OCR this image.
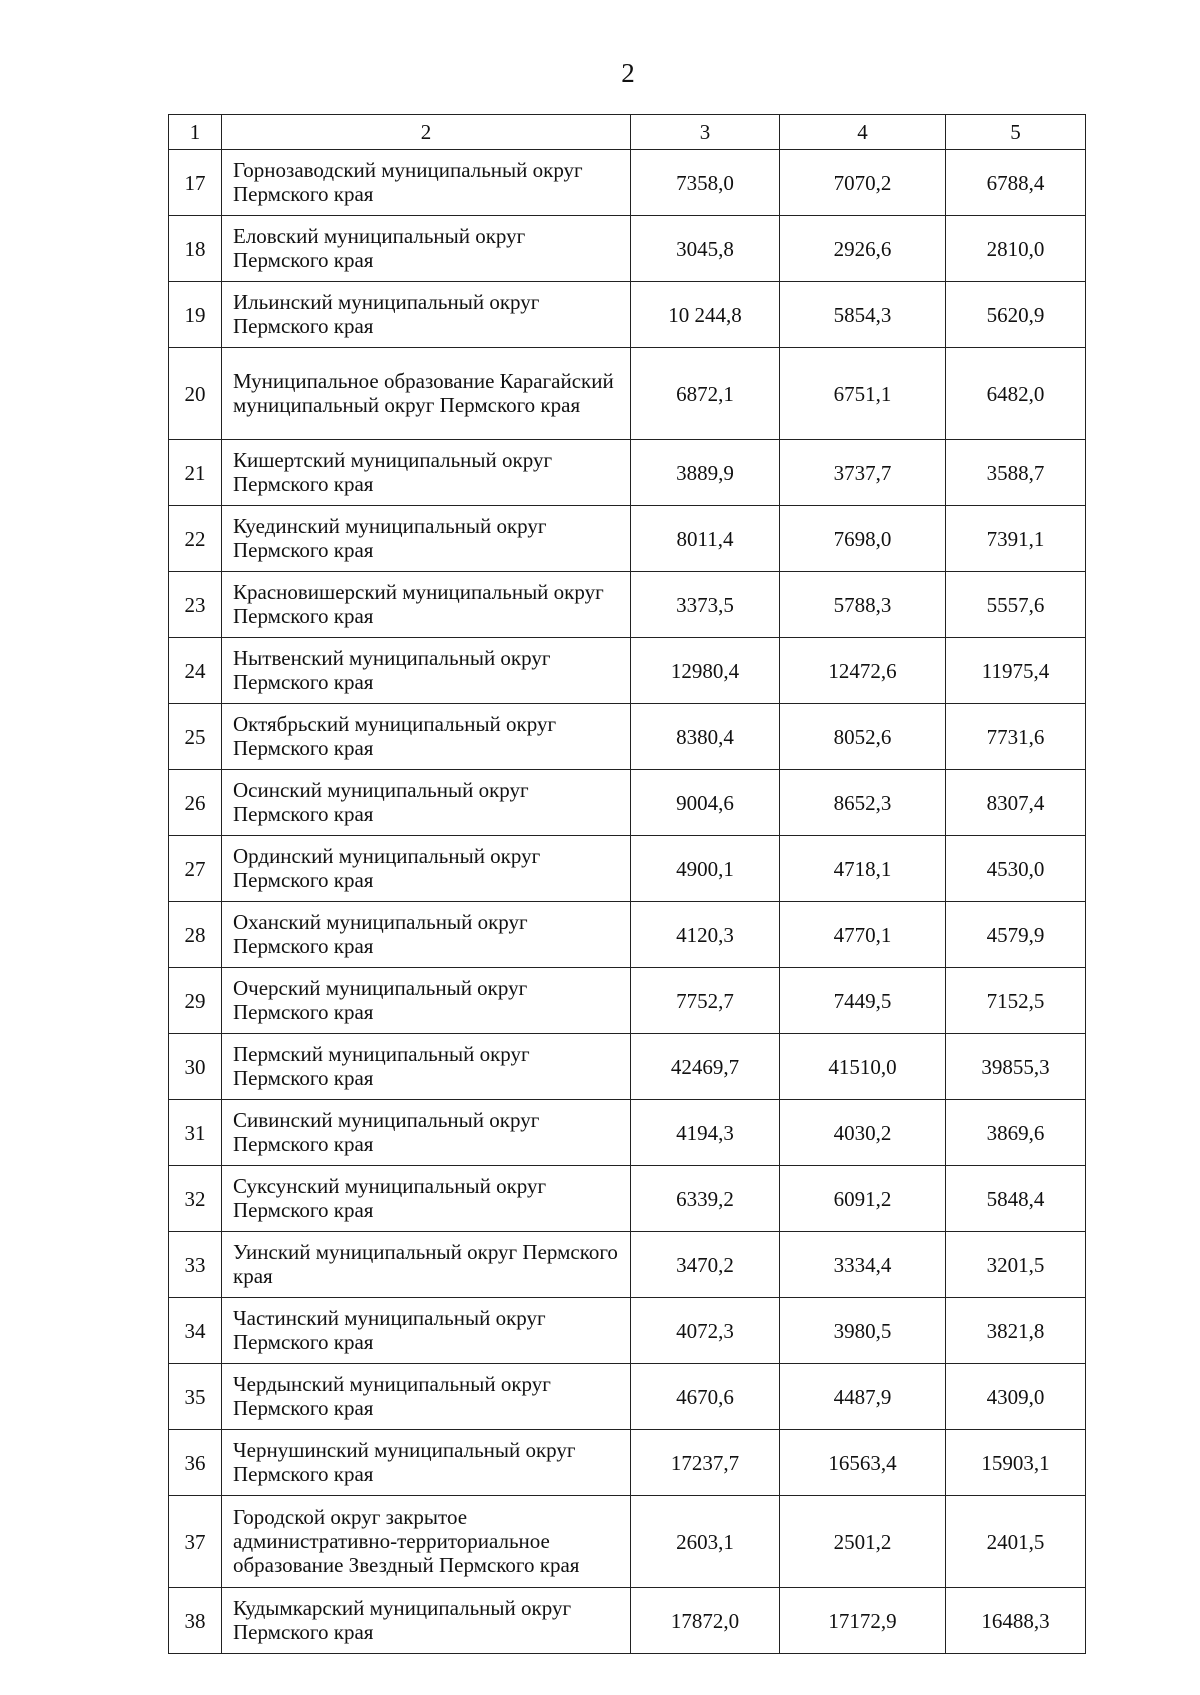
2
1	2	3	4	5
17	Горнозаводский муниципальный округ Пермского края	7358,0	7070,2	6788,4
18	Еловский муниципальный округ Пермского края	3045,8	2926,6	2810,0
19	Ильинский муниципальный округ Пермского края	10 244,8	5854,3	5620,9
20	Муниципальное образование Карагайский муниципальный округ Пермского края	6872,1	6751,1	6482,0
21	Кишертский муниципальный округ Пермского края	3889,9	3737,7	3588,7
22	Куединский муниципальный округ Пермского края	8011,4	7698,0	7391,1
23	Красновишерский муниципальный округ Пермского края	3373,5	5788,3	5557,6
24	Нытвенский муниципальный округ Пермского края	12980,4	12472,6	11975,4
25	Октябрьский муниципальный округ Пермского края	8380,4	8052,6	7731,6
26	Осинский муниципальный округ Пермского края	9004,6	8652,3	8307,4
27	Ординский муниципальный округ Пермского края	4900,1	4718,1	4530,0
28	Оханский муниципальный округ Пермского края	4120,3	4770,1	4579,9
29	Очерский муниципальный округ Пермского края	7752,7	7449,5	7152,5
30	Пермский муниципальный округ Пермского края	42469,7	41510,0	39855,3
31	Сивинский муниципальный округ Пермского края	4194,3	4030,2	3869,6
32	Суксунский муниципальный округ Пермского края	6339,2	6091,2	5848,4
33	Уинский муниципальный округ Пермского края	3470,2	3334,4	3201,5
34	Частинский муниципальный округ Пермского края	4072,3	3980,5	3821,8
35	Чердынский муниципальный округ Пермского края	4670,6	4487,9	4309,0
36	Чернушинский муниципальный округ Пермского края	17237,7	16563,4	15903,1
37	Городской округ закрытое административно-территориальное образование Звездный Пермского края	2603,1	2501,2	2401,5
38	Кудымкарский муниципальный округ Пермского края	17872,0	17172,9	16488,3
